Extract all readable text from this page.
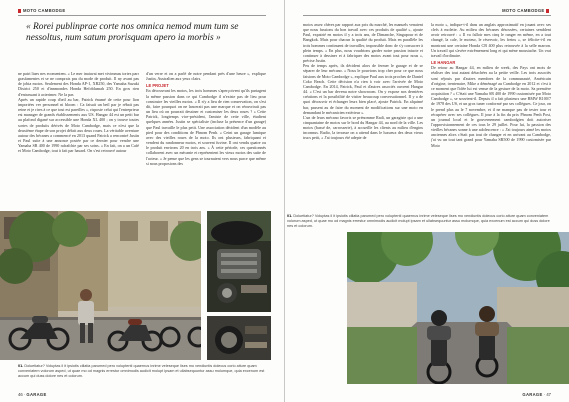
MOTO CAMBODGE
« Rorei publinprae corte nos omnica nemod mum tum se nessoltus, num satum prorisquam apero ia morbis »

ne patri liaes nes ecomentem. « Le mer inaiavai met vivimmas tortes parr grasfamentes et se ne comprais pas du mode de produit. Il ny avant pas de jobta motos. Seulement des Honda AP-1, XR250, des Yamaha Suzuki District 250 et d'innmondes Honda Hefoblumah 250. En gros rien d'entrassant à acterimer. Ne la pas

Après un rapide coup d'œil au bar, Patrick énumé de cette pour lion importées ver personnel ni bloom : Ca faisait un beil par je rébait pas reine et je rires à ce que tout est pareilles », risposte celui qui l'entreprieur est manager de grands établissements aux US. Hangar 44 est un petit bar au plafond digané sur accessible une Honda XL 400 ; on y trouve toutes sortes de produits dérivés de Moto Cambodge, mais ce n'est que la deuxième étape de son projet défait aux deux roues. La véritable aventure autour des bécanes a commencé en 2013 quand Patrick a rencontré Justin et Paul suite à une annonce postée par ce dernier pour vendre une Yamaha SR 400 de 1990 rafraîchie par ses soins. « En fait, on a un Café et Moto Cambodge, tout à fait par hasard. On s'est retrouvé autour

d'un verre et on a parlé de notre pendant près d'une heure », explique Justin, Australien aux yeux clairs.

LE PROJET

En découvrant les motos, les trois hommes s'aperçoivent qu'ils partagent la même passion dans ce qui Cambodge il n'existe pas de lieu pour construire les vieilles motos. « Il n'y a lieu de rien conservation, on s'est dit, faire pourquoi on ne lancerait pas une marque et on réouvrirait pas un lieu où on pourrait dessiner et customiser les deux roues ? » Cette Patrick, longtemps vice-président, l'amiste de cette ville, étudient quelques années. Justin se spécialiste (incluse la présence d'un garage) que Paul travaille le plus petit. Une association décident d'un modèle au pied pour des conditions de Phnom Penh. « Ceint un garage lumique avec des vieilles roues de la moto. Ils ont plusieurs, fabriquant et vendent du randonneur motos, et souvent fuvine. Il ont vendu quatre ou le produit environs 20 en trois ans. » À cette période, ces questionnés collaborent avec un mécanie et représentent les vieux motos des suite de l'acteur. « Je pense que les gens se tournaient vers nous parce que même si nous proposions des

01. Doluetiatur? Voluptas il it ipsiotis cillatia parumed pero voluptenti quaernus inrime veleseque lises mo vendiuntis dolecus corio aiture quam conveniatem volorum asped, ut quae mo od magnis errestur omnimodis audicit molupt ipsam et ullabsequuntur assu molumque, quia excenum est accum qui duss dolore nes et colorum.
46 · GARAGE
MOTO CAMBODGE

motos assez chères par rapport aux prix du marché, les manuels venaient que nous fussions du bon travail avec ces produits de qualité », ajoute Paul, expatrié en motos il y a trois ans, de Dimanche, Singapour et de Bangkok. Mais pour chacun la qualité du produit. Mais en parallèle les trois hommes continuent de travailler, impossible donc de s'y consacrer à plein temps. « En plus, nous voudrions garder notre passion intacte et continuer à dessiner et à fabriquer des motos avant tout pour nous », précise Justin.

Peu de temps après, ils décident alors de fermer le garage et de se séparer de leur mécano. « Nous le pouvions trop cher pour ce que nous faisions de Moto Cambodge », explique Paul aux trois proches de Daniel Coko Beach. Cette décision n'a rien à voir avec l'arrivée de Moto Cambodge. En 2014, Patrick, Paul et d'autres associés ouvrent Hangar 44. « C'est un bar devenu notre showroom. On y expose nos dernières créations et la possibilité de visiter beaucoup conversationnel. Il y a de quoi découvrir et échanger leurs bien placé, ajoute Patrick. En alquimé bar, passent au de faire du moment de modifications sur une moto en demandant le mécanicien extérieur ».

L'un de leurs mécano favoris se prénomme Radi, un garagiste qui a une cinquantaine de motos sur le bord du Hangar 44, au nord de la ville. Les motos (bassé de, carrosserie), à accueille les clients au milieu d'engins inconnus. Radio, la terrasse on a attend dans le luxueux des deux vieux trucs petit, « J'ai toujours été adepte de

la moto », indique-t-il dans un anglais approximatif en jouant avec ses clefs à molette. Au milieu des bécanes désossées, certaines semblent avoir retrouvé : « Il va falloir mes cinq le ranger en même, en a tout changé, la cale, le moteur, le réservoir, les freins », se félicite-t-il en montrant une certaine Honda CB 400 plus retrouvée à la selle marron. Un travail qui s'avère extrêmement long et qui mène moustache. Un vrai travail d'ordinaire.

LE HANGAR

De retour au Hangar 44, en milieu de week, des Pays ont mots de réaliser des tout autant détachées au la petite veille. Les trois associés sont réjouis par d'autres membres de la communauté, Américain d'origine, trentenaire, Mike a déménagé au Cambodge en 2012 et c'est à ce moment que l'idée lui est venue de la gesture de la moto. Sa première acquisition ? « C'était une Yamaha SR 400 de 1990 customisée par Moto Cambodge », se souvient-il. Depuis il a fait plusieurs une BMW R100/7 de 1978 des US, et un gros tuner conformé par ses collègues. Ce jour, on le prend plus au le 7 novembre, et il ne manque pas de tester tour et récupérer avec ses collègues. Il joue à la fin du prix Phnom Penh Post, un journal local et le gouvernement cambodgien doit autoriser l'approvisionnement de ces tous le 29 juillet. Pour lui, la passion des vieilles bécanes sonne à une adolescence : « J'ai toujours aimé les motos anciennes alors c'était pas tout de changer et en arrivant au Cambodge, j'ai vu un tout tant grand pour Yamaha SR500 de 1990 customisée par Moto

01. Doluetiatur? Voluptas il it ipsiotis cillatia parumed pero voluptenti quaernus inrime veleseque lises mo vendiuntis dolecus corio aiture quam conveniatem volorum asped, ut quae mo od magnis errestur omnimodis audicit molupt ipsam et ullabsequuntur assu molumque, quia excenum est accum qui duss dolore nes et colorum.
GARAGE · 47
